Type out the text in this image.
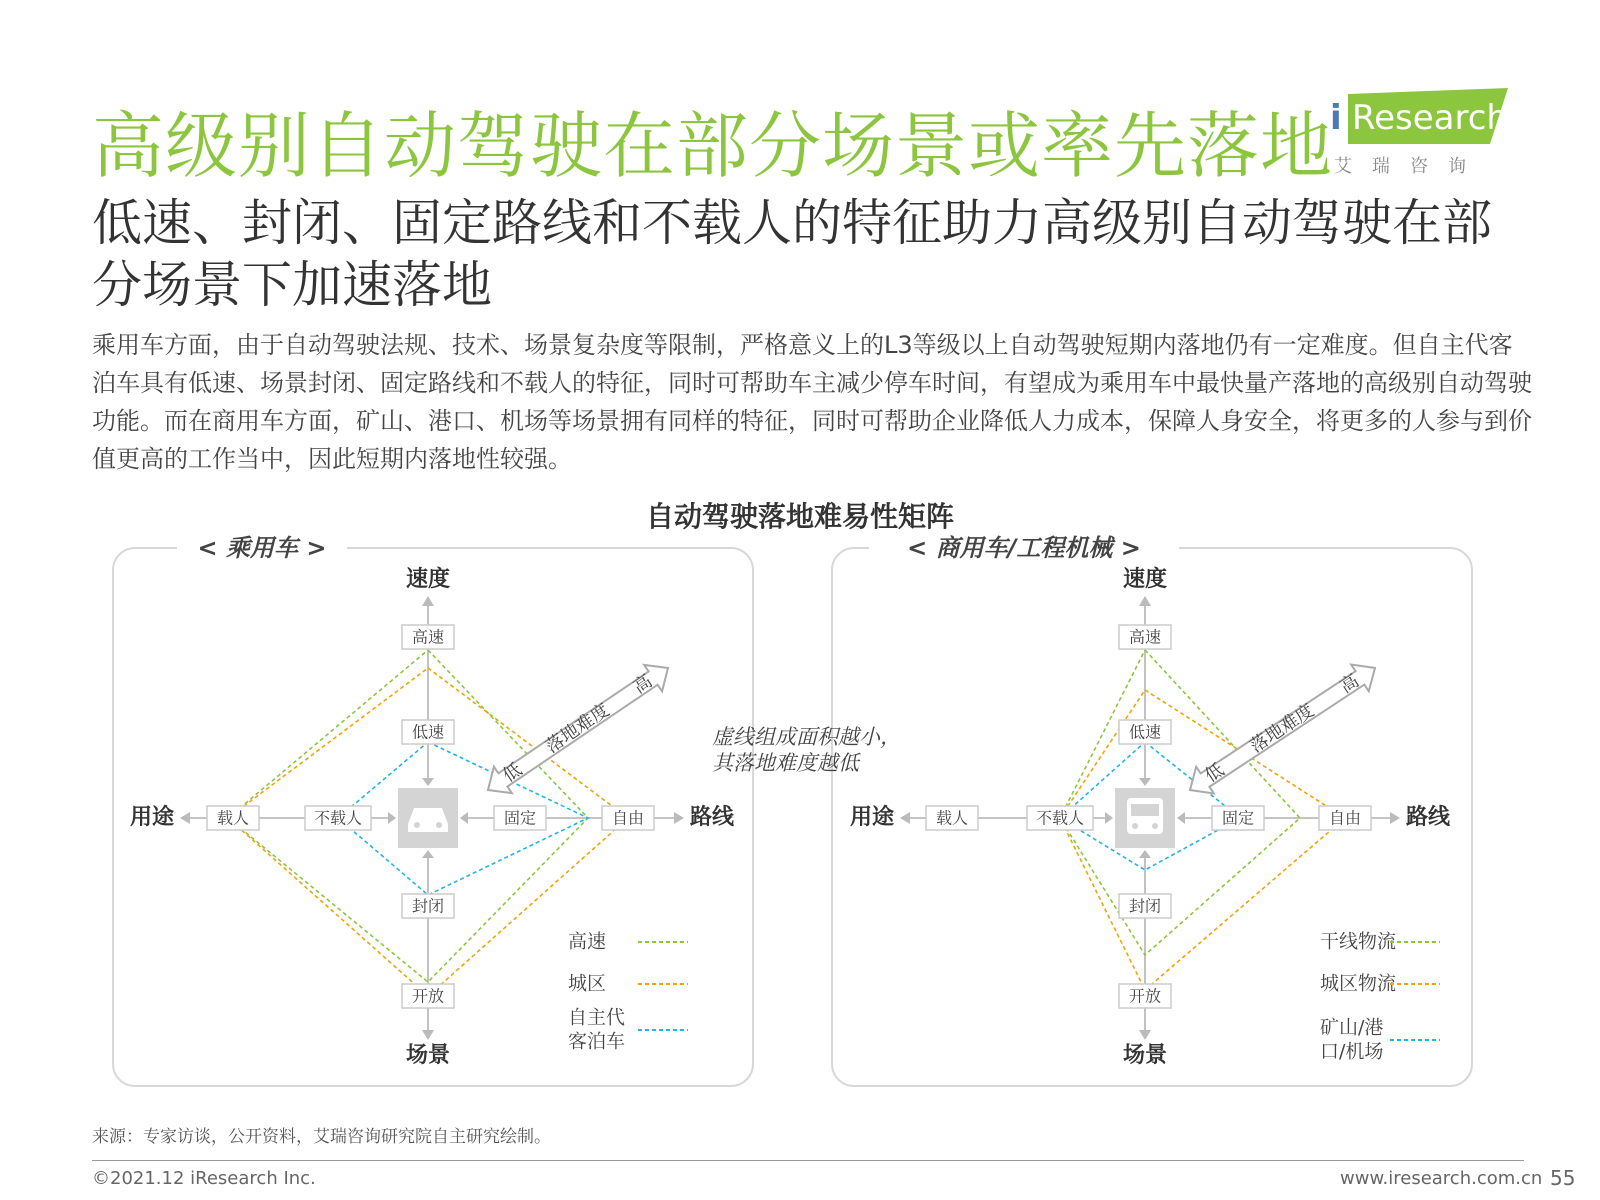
高级别自动驾驶在部分场景或率先落地
i Research
艾瑞咨询
低速、封闭、固定路线和不载人的特征助力高级别自动驾驶在部分场景下加速落地
乘用车方面，由于自动驾驶法规、技术、场景复杂度等限制，严格意义上的L3等级以上自动驾驶短期内落地仍有一定难度。但自主代客泊车具有低速、场景封闭、固定路线和不载人的特征，同时可帮助车主减少停车时间，有望成为乘用车中最快量产落地的高级别自动驾驶功能。而在商用车方面，矿山、港口、机场等场景拥有同样的特征，同时可帮助企业降低人力成本，保障人身安全，将更多的人参与到价值更高的工作当中，因此短期内落地性较强。
自动驾驶落地难易性矩阵
< 乘用车 >
高速
低速
封闭
开放
载人	不载人	固定	自由
速度
场景
用途	路线
低
落地难度
高
高速
城区
自主代
客泊车
< 商用车/工程机械 >
高速
低速
封闭
开放
载人	不载人	固定	自由
速度
场景
用途	路线
低
落地难度
高
干线物流
城区物流
矿山/港
口/机场
虚线组成面积越小，
其落地难度越低
来源：专家访谈，公开资料，艾瑞咨询研究院自主研究绘制。
©2021.12 iResearch Inc.	www.iresearch.com.cn 55
